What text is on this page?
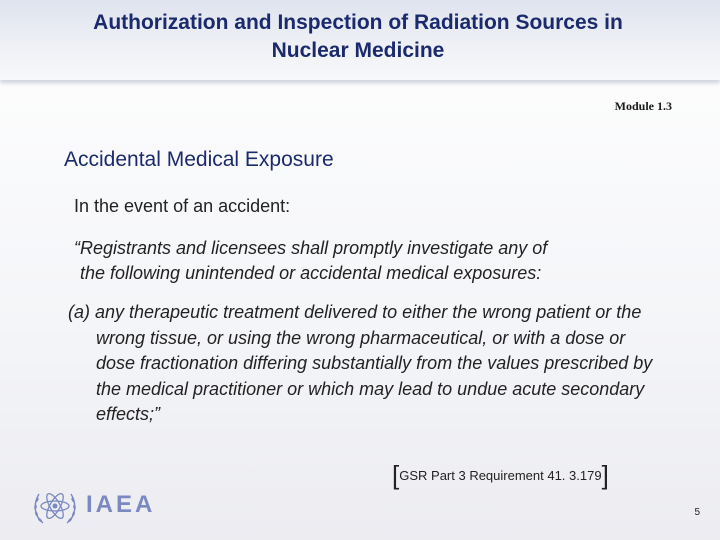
Authorization and Inspection of Radiation Sources in
Nuclear Medicine
Module 1.3
Accidental Medical Exposure
In the event of an accident:
“Registrants and licensees shall promptly investigate any of
the following unintended or accidental medical exposures:
(a) any therapeutic treatment delivered to either the wrong patient or the wrong tissue, or using the wrong pharmaceutical, or with a dose or dose fractionation differing substantially from the values prescribed by the medical practitioner or which may lead to undue acute secondary effects;”
[GSR Part 3 Requirement 41. 3.179]
IAEA	5
